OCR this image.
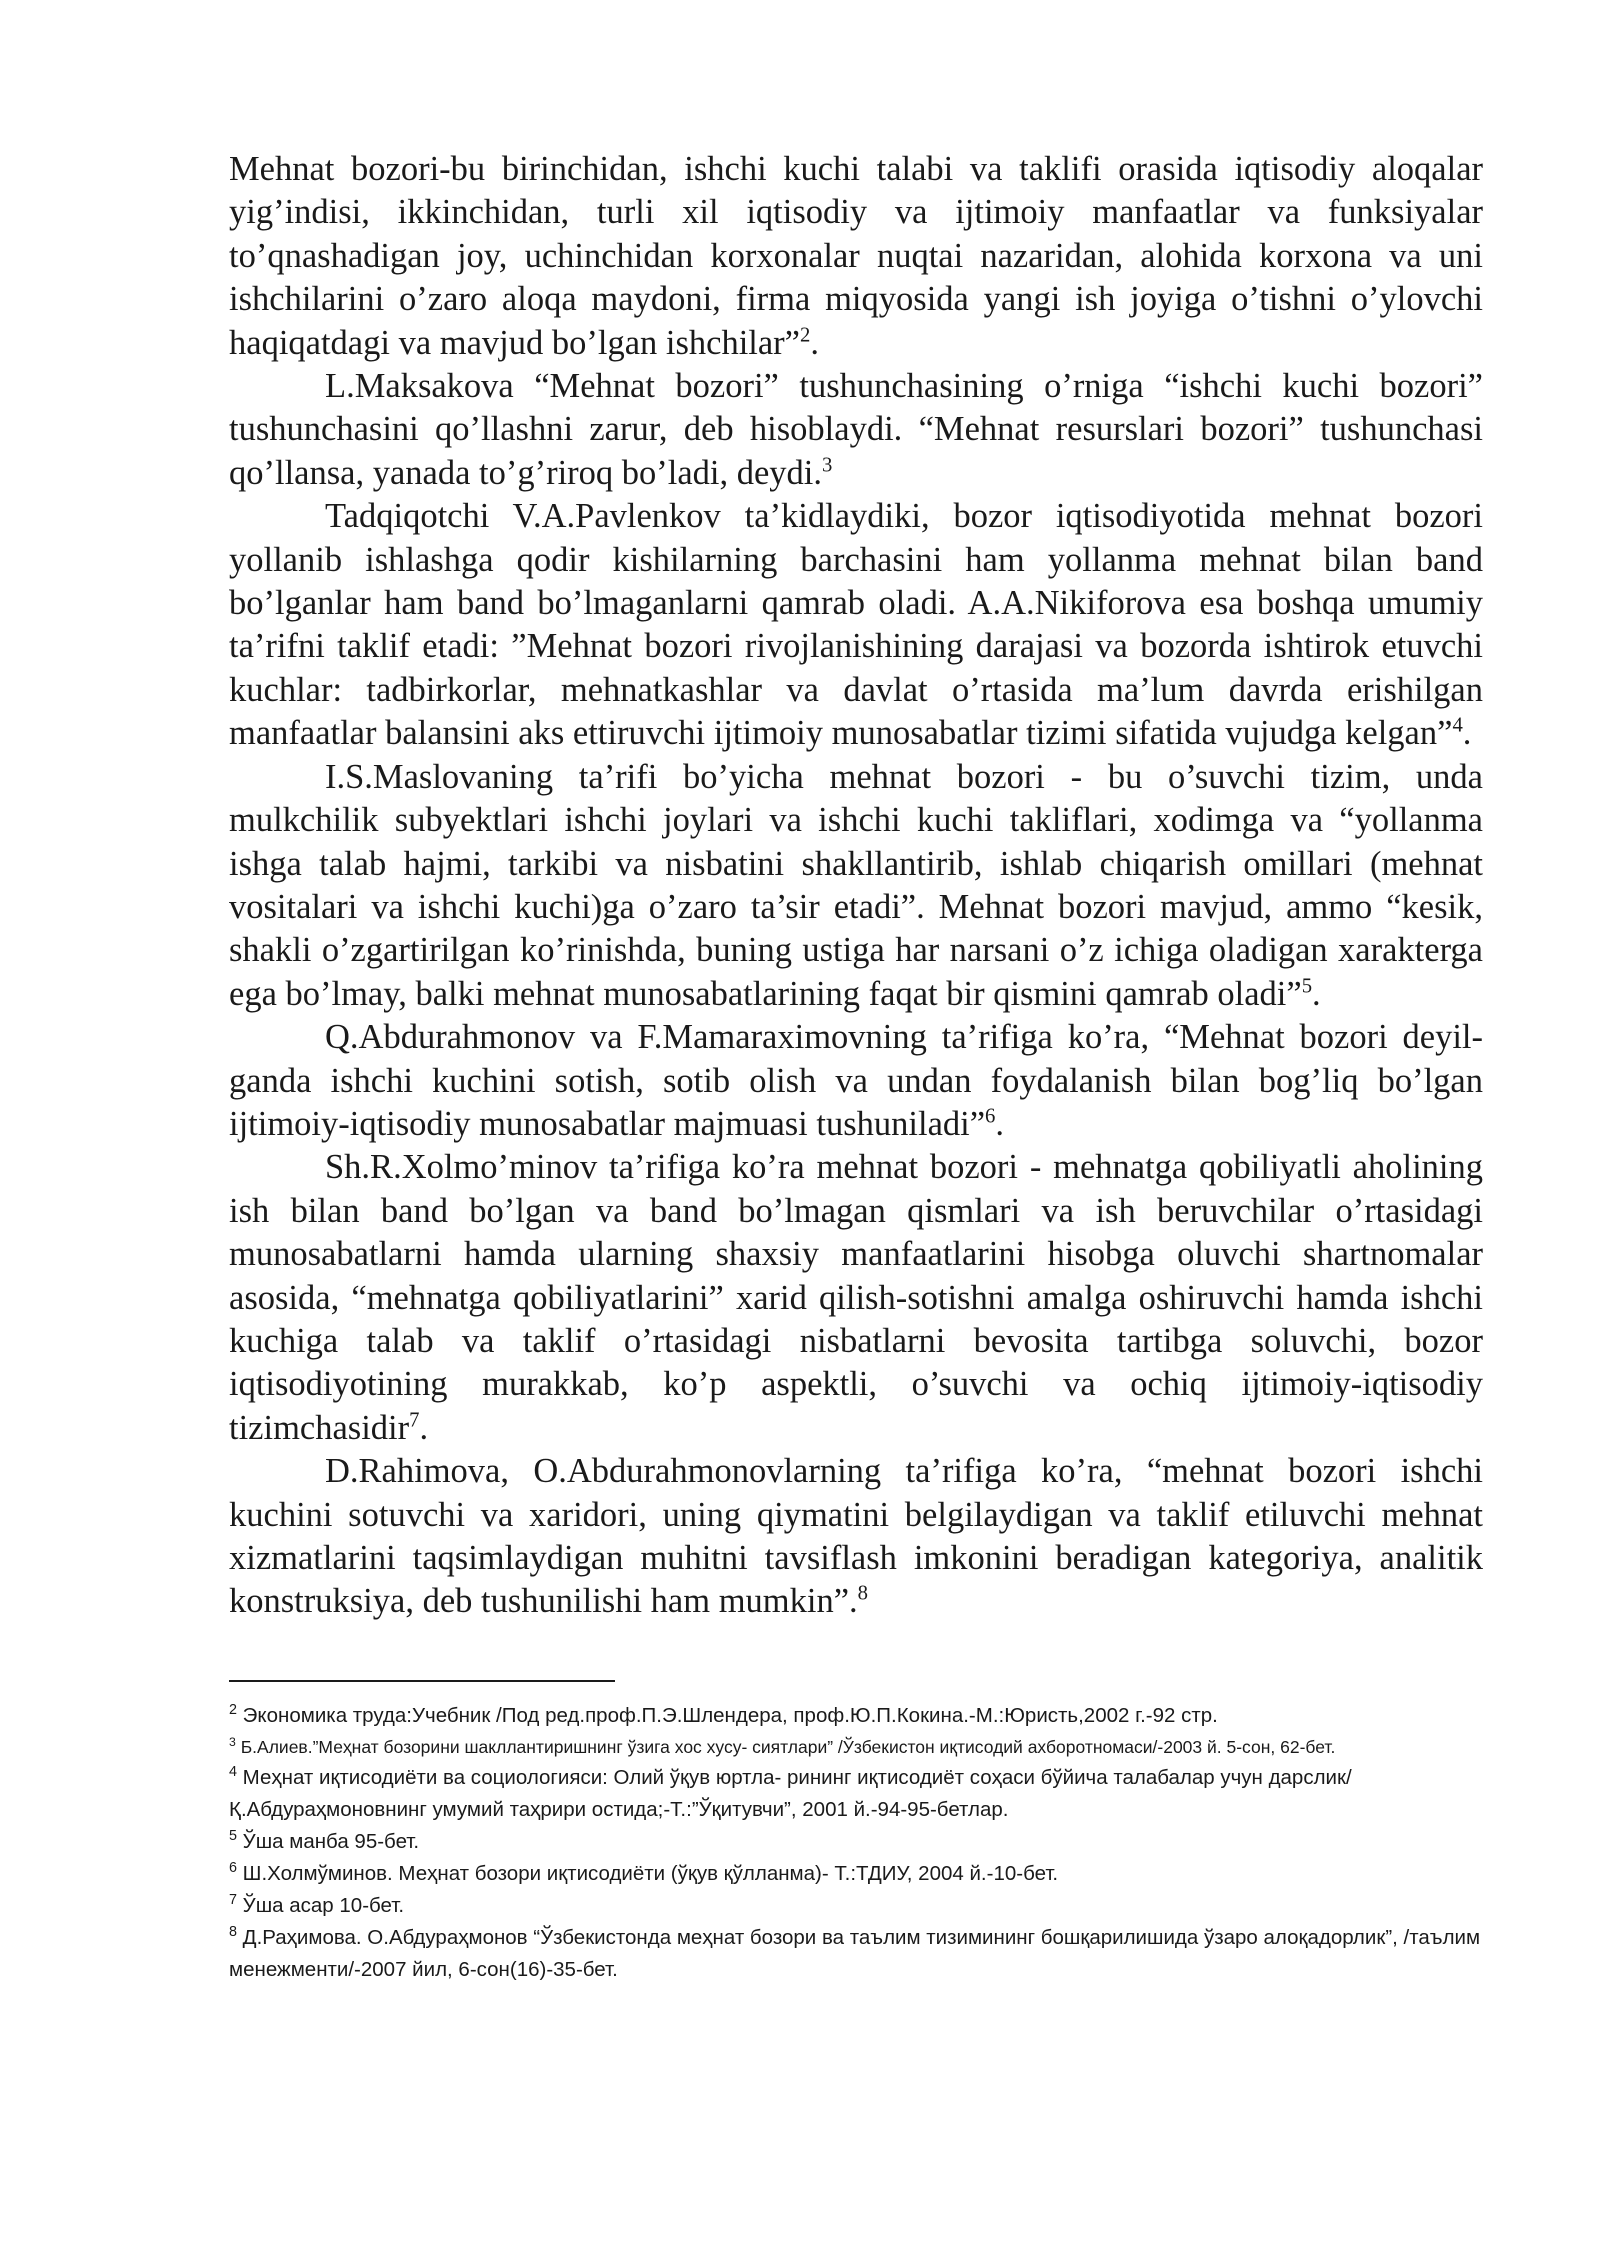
Mehnat bozori-bu birinchidan, ishchi kuchi talabi va taklifi orasida iqtisodiy aloqalar yig’indisi, ikkinchidan, turli xil iqtisodiy va ijtimoiy manfaatlar va funksiyalar to’qnashadigan joy, uchinchidan korxonalar nuqtai nazaridan, alohida korxona va uni ishchilarini o’zaro aloqa maydoni, firma miqyosida yangi ish joyiga o’tishni o’ylovchi haqiqatdagi va mavjud bo’lgan ishchilar”$^2$.

L.Maksakova “Mehnat bozori” tushunchasining o’rniga “ishchi kuchi bozori” tushunchasini qo’llashni zarur, deb hisoblaydi. “Mehnat resurslari bozori” tushunchasi qo’llansa, yanada to’g’riroq bo’ladi, deydi.$^3$

Tadqiqotchi V.A.Pavlenkov ta’kidlaydiki, bozor iqtisodiyotida mehnat bozori yollanib ishlashga qodir kishilarning barchasini ham yollanma mehnat bilan band bo’lganlar ham band bo’lmaganlarni qamrab oladi. A.A.Nikiforova esa boshqa umumiy ta’rifni taklif etadi: ”Mehnat bozori rivojlanishining darajasi va bozorda ishtirok etuvchi kuchlar: tadbirkorlar, mehnatkashlar va davlat o’rtasida ma’lum davrda erishilgan manfaatlar balansini aks ettiruvchi ijtimoiy munosabatlar tizimi sifatida vujudga kelgan”$^4$.

I.S.Maslovaning ta’rifi bo’yicha mehnat bozori - bu o’suvchi tizim, unda mulkchilik subyektlari ishchi joylari va ishchi kuchi takliflari, xodimga va “yollanma ishga talab hajmi, tarkibi va nisbatini shakllantirib, ishlab chiqarish omillari (mehnat vositalari va ishchi kuchi)ga o’zaro ta’sir etadi”. Mehnat bozori mavjud, ammo “kesik, shakli o’zgartirilgan ko’rinishda, buning ustiga har narsani o’z ichiga oladigan xarakterga ega bo’lmay, balki mehnat munosabatlarining faqat bir qismini qamrab oladi”$^5$.

Q.Abdurahmonov va F.Mamaraximovning ta’rifiga ko’ra, “Mehnat bozori deyil- ganda ishchi kuchini sotish, sotib olish va undan foydalanish bilan bog’liq bo’lgan ijtimoiy-iqtisodiy munosabatlar majmuasi tushuniladi”$^6$.

Sh.R.Xolmo’minov ta’rifiga ko’ra mehnat bozori - mehnatga qobiliyatli aholining ish bilan band bo’lgan va band bo’lmagan qismlari va ish beruvchilar o’rtasidagi munosabatlarni hamda ularning shaxsiy manfaatlarini hisobga oluvchi shartnomalar asosida, “mehnatga qobiliyatlarini” xarid qilish-sotishni amalga oshiruvchi hamda ishchi kuchiga talab va taklif o’rtasidagi nisbatlarni bevosita tartibga soluvchi, bozor iqtisodiyotining murakkab, ko’p aspektli, o’suvchi va ochiq ijtimoiy-iqtisodiy tizimchasidir$^7$.

D.Rahimova, O.Abdurahmonovlarning ta’rifiga ko’ra, “mehnat bozori ishchi kuchini sotuvchi va xaridori, uning qiymatini belgilaydigan va taklif etiluvchi mehnat xizmatlarini taqsimlaydigan muhitni tavsiflash imkonini beradigan kategoriya, analitik konstruksiya, deb tushunilishi ham mumkin”.$^8$

$^2$ Экономика труда:Учебник /Под ред.проф.П.Э.Шлендера, проф.Ю.П.Кокина.-М.:Юристь,2002 г.-92 стр.

$^3$ Б.Алиев.”Меҳнат бозорини шакллантиришнинг ўзига хос хусу- сиятлари” /Ўзбекистон иқтисодий ахборотномаси/-2003 й. 5-сон, 62-бет.

$^4$ Меҳнат иқтисодиёти ва социологияси: Олий ўқув юртла- рининг иқтисодиёт соҳаси бўйича талабалар учун дарслик/ Қ.Абдураҳмоновнинг умумий таҳрири остида;-Т.:”Ўқитувчи”, 2001 й.-94-95-бетлар.

$^5$ Ўша манба 95-бет.

$^6$ Ш.Холмўминов. Меҳнат бозори иқтисодиёти (ўқув қўлланма)- Т.:ТДИУ, 2004 й.-10-бет.

$^7$ Ўша асар 10-бет.

$^8$ Д.Раҳимова. О.Абдураҳмонов “Ўзбекистонда меҳнат бозори ва таълим тизимининг бошқарилишида ўзаро алоқадорлик”, /таълим менежменти/-2007 йил, 6-сон(16)-35-бет.
